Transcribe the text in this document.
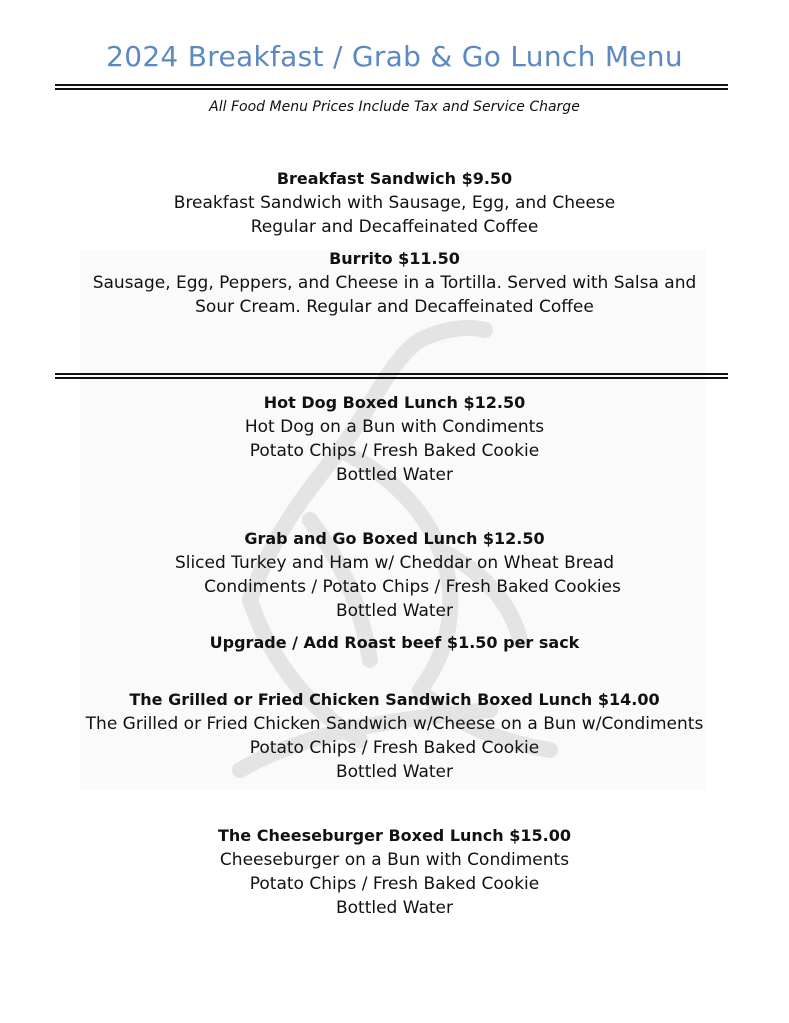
2024 Breakfast / Grab & Go Lunch Menu
All Food Menu Prices Include Tax and Service Charge
Breakfast Sandwich $9.50
Breakfast Sandwich with Sausage, Egg, and Cheese
Regular and Decaffeinated Coffee
Burrito $11.50
Sausage, Egg, Peppers, and Cheese in a Tortilla. Served with Salsa and
Sour Cream. Regular and Decaffeinated Coffee
Hot Dog Boxed Lunch $12.50
Hot Dog on a Bun with Condiments
Potato Chips / Fresh Baked Cookie
Bottled Water
Grab and Go Boxed Lunch $12.50
Sliced Turkey and Ham w/ Cheddar on Wheat Bread
Condiments / Potato Chips / Fresh Baked Cookies
Bottled Water
Upgrade / Add Roast beef $1.50 per sack
The Grilled or Fried Chicken Sandwich Boxed Lunch $14.00
The Grilled or Fried Chicken Sandwich w/Cheese on a Bun w/Condiments
Potato Chips / Fresh Baked Cookie
Bottled Water
The Cheeseburger Boxed Lunch $15.00
Cheeseburger on a Bun with Condiments
Potato Chips / Fresh Baked Cookie
Bottled Water
